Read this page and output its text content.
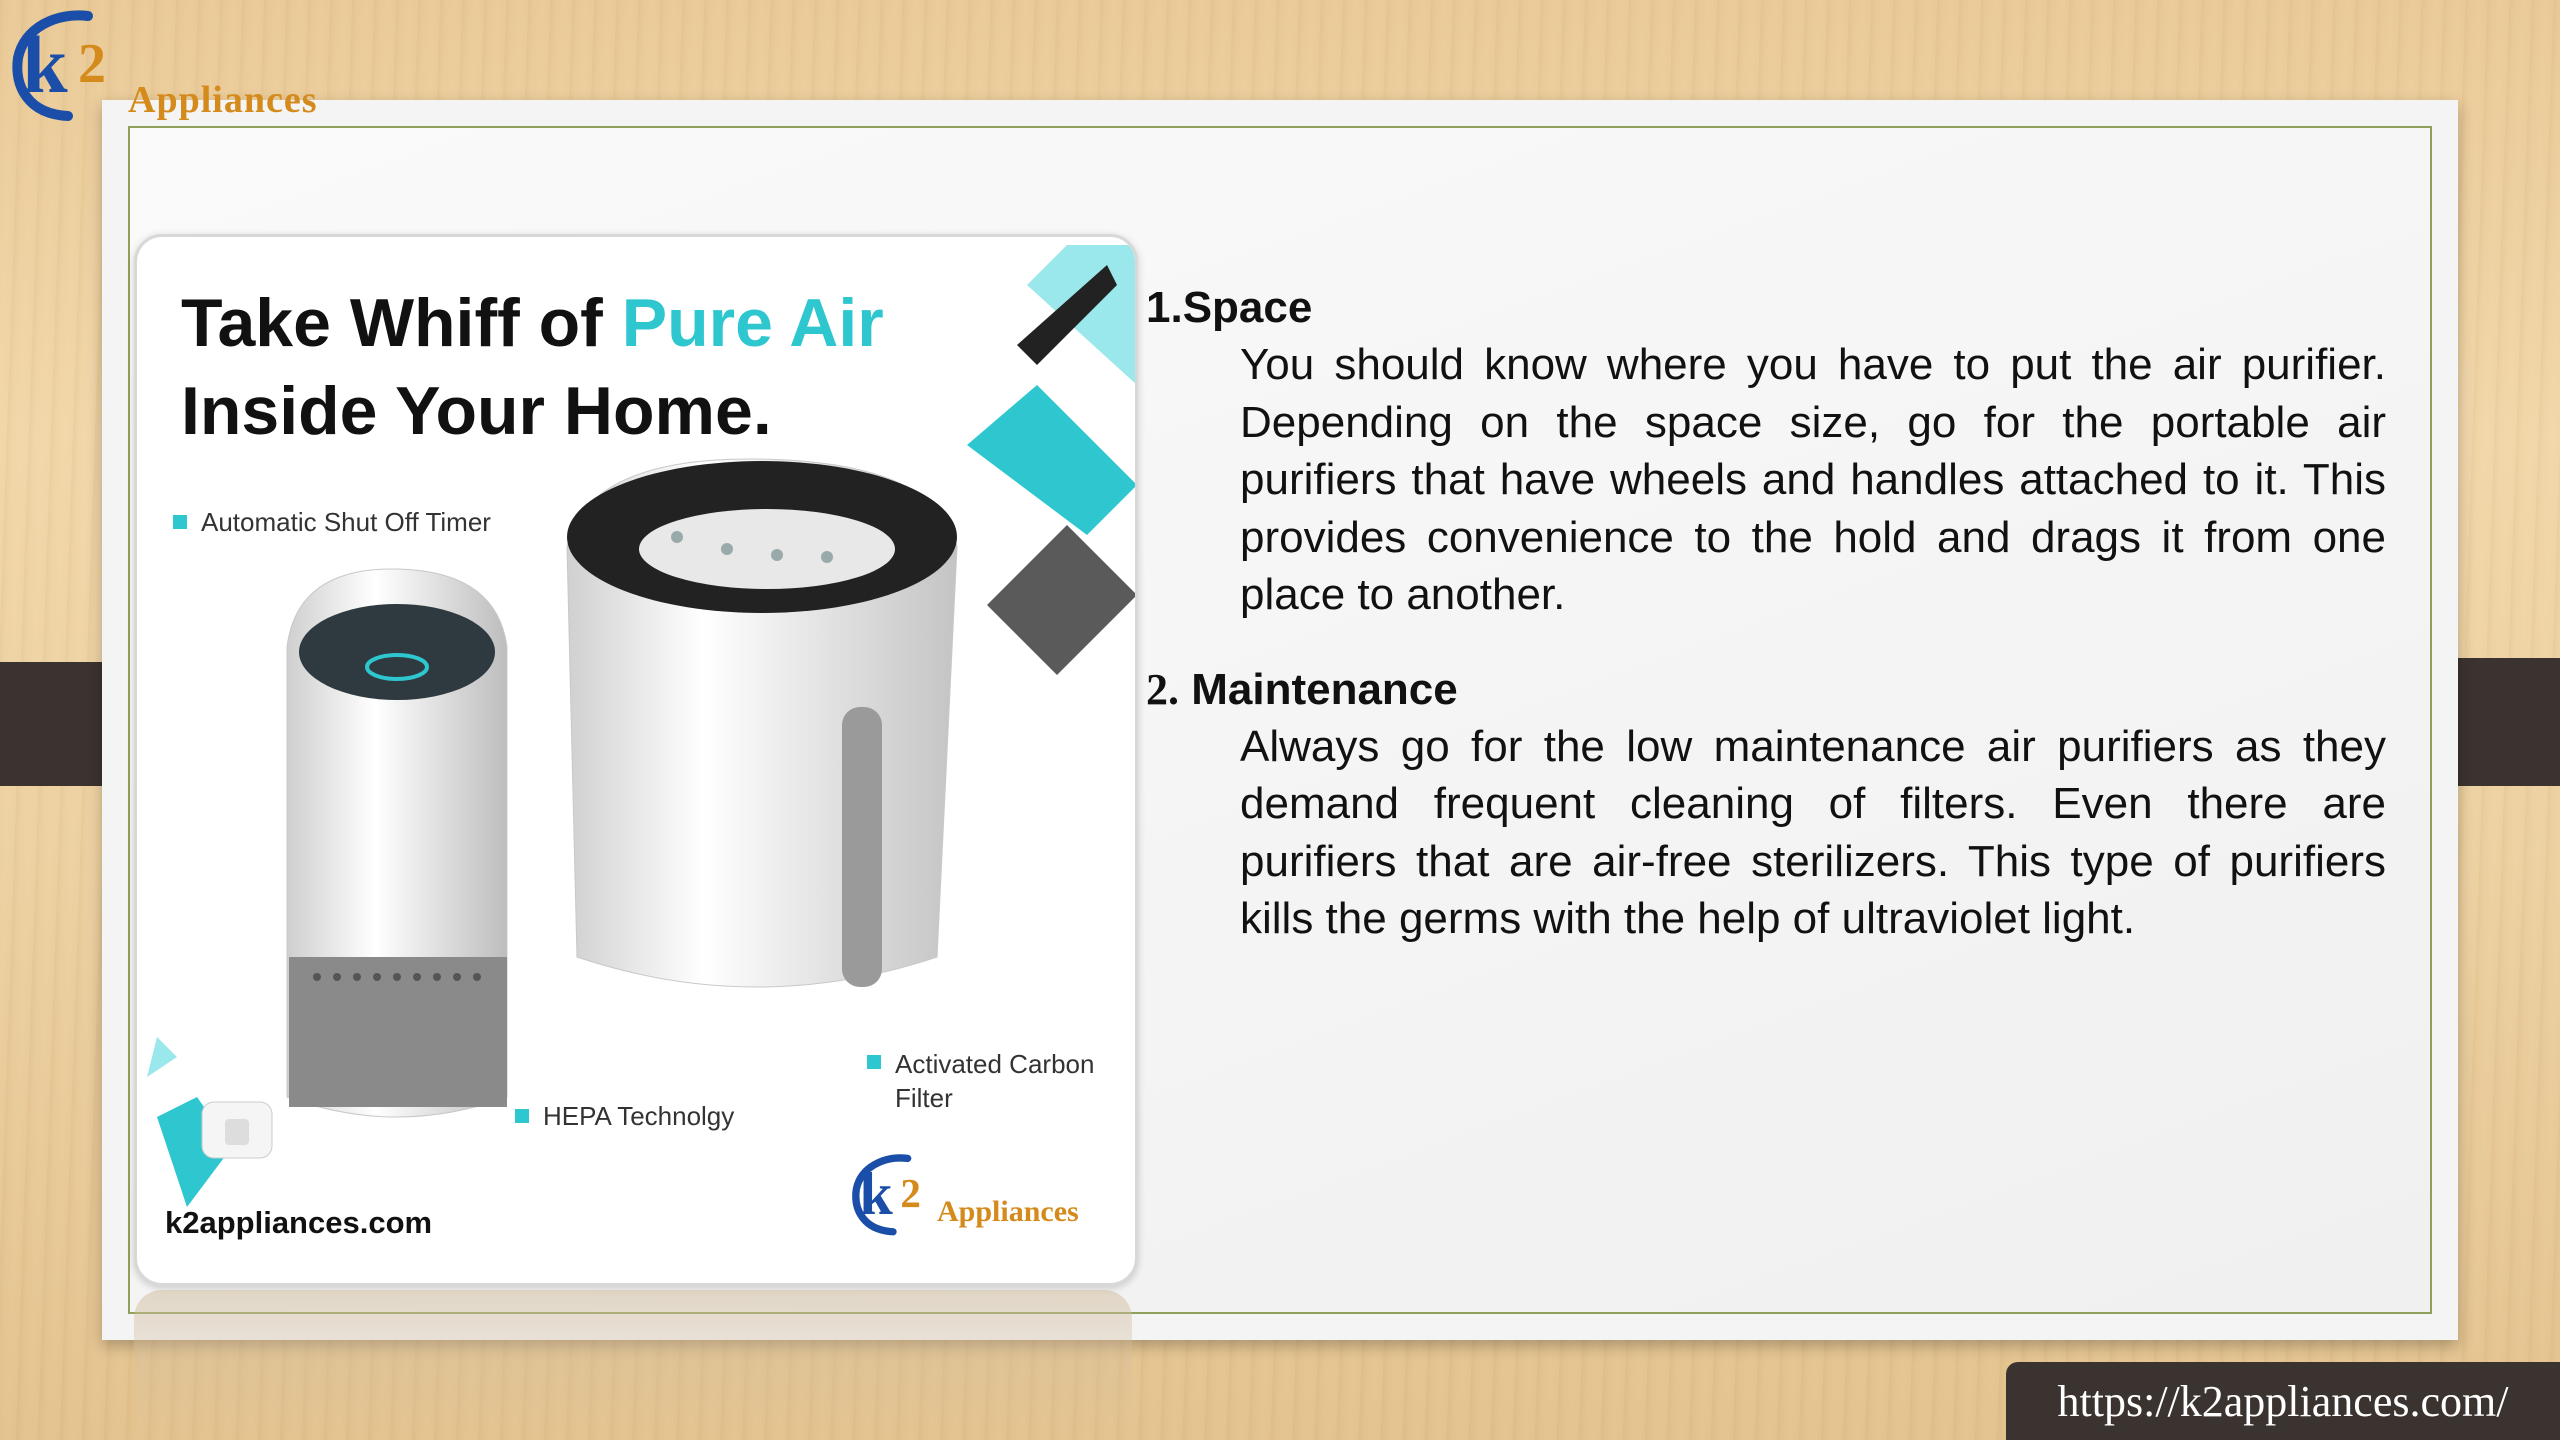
k 2
Appliances
Take Whiff of Pure Air
Inside Your Home.
Automatic Shut Off Timer
HEPA Technolgy
Activated Carbon Filter
k2appliances.com	k 2 Appliances
1.Space
You should know where you have to put the air purifier. Depending on the space size, go for the portable air purifiers that have wheels and handles attached to it. This provides convenience to the hold and drags it from one place to another.
2. Maintenance
Always go for the low maintenance air purifiers as they demand frequent cleaning of filters. Even there are purifiers that are air-free sterilizers. This type of purifiers kills the germs with the help of ultraviolet light.
https://k2appliances.com/
